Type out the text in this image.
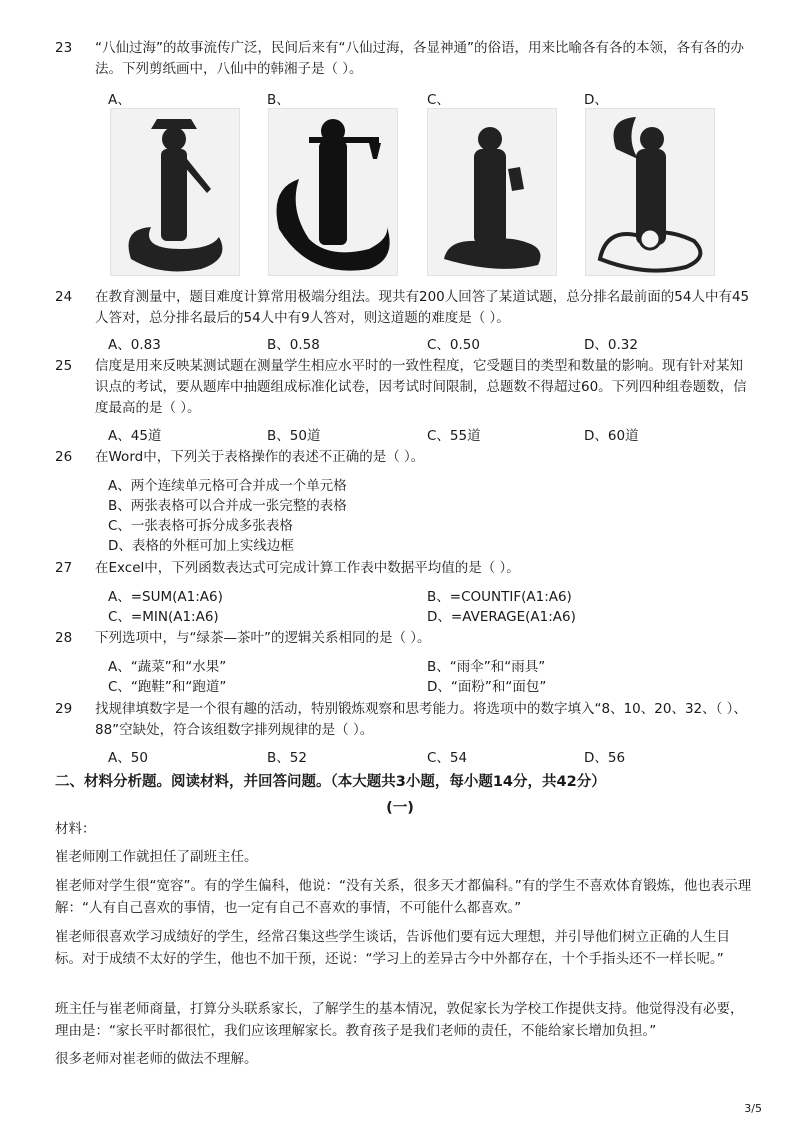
23	“八仙过海”的故事流传广泛，民间后来有“八仙过海，各显神通”的俗语，用来比喻各有各的本领，各有各的办法。下列剪纸画中，八仙中的韩湘子是（ ）。
A、	B、	C、	D、
24	在教育测量中，题目难度计算常用极端分组法。现共有200人回答了某道试题，总分排名最前面的54人中有45人答对，总分排名最后的54人中有9人答对，则这道题的难度是（ ）。
A、0.83	B、0.58	C、0.50	D、0.32
25	信度是用来反映某测试题在测量学生相应水平时的一致性程度，它受题目的类型和数量的影响。现有针对某知识点的考试，要从题库中抽题组成标准化试卷，因考试时间限制，总题数不得超过60。下列四种组卷题数，信度最高的是（ ）。
A、45道	B、50道	C、55道	D、60道
26	在Word中，下列关于表格操作的表述不正确的是（ ）。
A、两个连续单元格可合并成一个单元格
B、两张表格可以合并成一张完整的表格
C、一张表格可拆分成多张表格
D、表格的外框可加上实线边框
27	在Excel中，下列函数表达式可完成计算工作表中数据平均值的是（ ）。
A、=SUM(A1:A6)	B、=COUNTIF(A1:A6)
C、=MIN(A1:A6)	D、=AVERAGE(A1:A6)
28	下列选项中，与“绿茶—茶叶”的逻辑关系相同的是（ ）。
A、“蔬菜”和“水果”	B、“雨伞”和“雨具”
C、“跑鞋”和“跑道”	D、“面粉”和“面包”
29	找规律填数字是一个很有趣的活动，特别锻炼观察和思考能力。将选项中的数字填入“8、10、20、32、（ ）、88”空缺处，符合该组数字排列规律的是（ ）。
A、50	B、52	C、54	D、56
二、材料分析题。阅读材料，并回答问题。（本大题共3小题，每小题14分，共42分）
(一)
材料：
崔老师刚工作就担任了副班主任。
崔老师对学生很“宽容”。有的学生偏科，他说：“没有关系，很多天才都偏科。”有的学生不喜欢体育锻炼，他也表示理解：“人有自己喜欢的事情，也一定有自己不喜欢的事情，不可能什么都喜欢。”
崔老师很喜欢学习成绩好的学生，经常召集这些学生谈话，告诉他们要有远大理想，并引导他们树立正确的人生目标。对于成绩不太好的学生，他也不加干预，还说：“学习上的差异古今中外都存在，十个手指头还不一样长呢。”
班主任与崔老师商量，打算分头联系家长，了解学生的基本情况，敦促家长为学校工作提供支持。他觉得没有必要，理由是：“家长平时都很忙，我们应该理解家长。教育孩子是我们老师的责任，不能给家长增加负担。”
很多老师对崔老师的做法不理解。
3/5
